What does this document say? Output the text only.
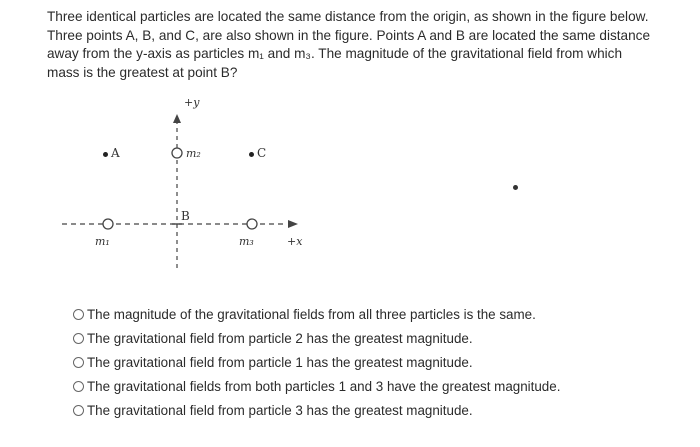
Three identical particles are located the same distance from the origin, as shown in the figure below.
Three points A, B, and C, are also shown in the figure. Points A and B are located the same distance
away from the y-axis as particles m₁ and m₃. The magnitude of the gravitational field from which
mass is the greatest at point B?
+y
+x
A
B
C
m₁
m₂
m₃
The magnitude of the gravitational fields from all three particles is the same.
The gravitational field from particle 2 has the greatest magnitude.
The gravitational field from particle 1 has the greatest magnitude.
The gravitational fields from both particles 1 and 3 have the greatest magnitude.
The gravitational field from particle 3 has the greatest magnitude.
